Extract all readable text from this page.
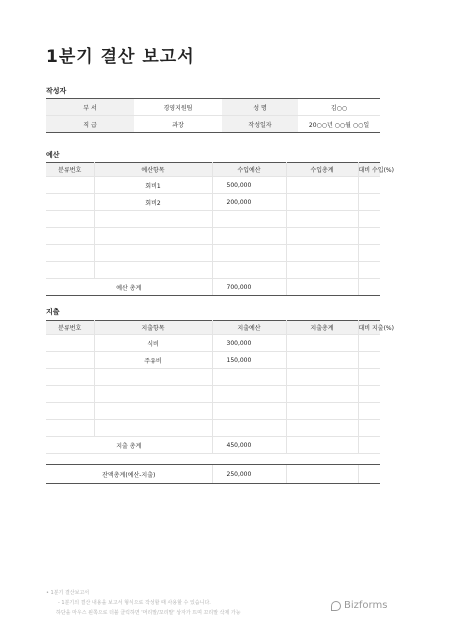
1분기 결산 보고서
작성자
부 서	경영지원팀	성 명	김○○
직 급	과장	작성일자	20○○년 ○○월 ○○일
예산
분류번호	예산항목	수입예산	수입총계	대비 수입(%)
	회비1	500,000		
	회비2	200,000		

예산 총계		700,000		
지출
분류번호	지출항목	지출예산	지출총계	대비 지출(%)
	식비	300,000		
	주유비	150,000		

지출 총계		450,000		

잔액총계(예산-지출)		250,000		
• 1분기 결산보고서
- 1분기의 결산 내용을 보고서 형식으로 작성할 때 사용할 수 있습니다.
하단을 마우스 왼쪽으로 더블 클릭하면 '머리말/꼬리말' 상자가 뜨며 꼬리말 삭제 가능
Bizforms
